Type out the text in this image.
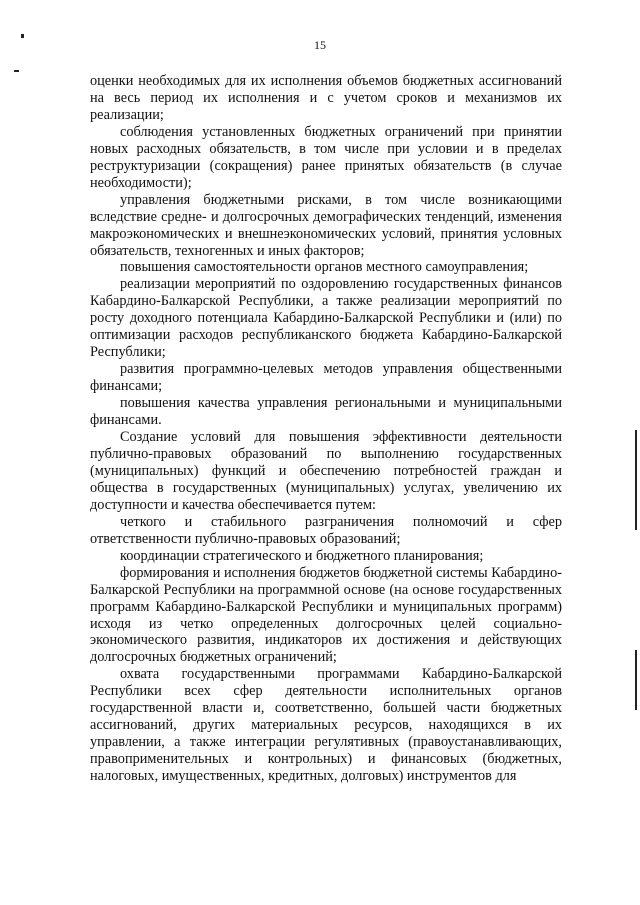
15

оценки необходимых для их исполнения объемов бюджетных ассигнований на весь период их исполнения и с учетом сроков и механизмов их реализации;

соблюдения установленных бюджетных ограничений при принятии новых расходных обязательств, в том числе при условии и в пределах реструктуризации (сокращения) ранее принятых обязательств (в случае необходимости);

управления бюджетными рисками, в том числе возникающими вследствие средне- и долгосрочных демографических тенденций, изменения макроэкономических и внешнеэкономических условий, принятия условных обязательств, техногенных и иных факторов;

повышения самостоятельности органов местного самоуправления;

реализации мероприятий по оздоровлению государственных финансов Кабардино-Балкарской Республики, а также реализации мероприятий по росту доходного потенциала Кабардино-Балкарской Республики и (или) по оптимизации расходов республиканского бюджета Кабардино-Балкарской Республики;

развития программно-целевых методов управления общественными финансами;

повышения качества управления региональными и муниципальными финансами.

Создание условий для повышения эффективности деятельности публично-правовых образований по выполнению государственных (муниципальных) функций и обеспечению потребностей граждан и общества в государственных (муниципальных) услугах, увеличению их доступности и качества обеспечивается путем:

четкого и стабильного разграничения полномочий и сфер ответственности публично-правовых образований;

координации стратегического и бюджетного планирования;

формирования и исполнения бюджетов бюджетной системы Кабардино-Балкарской Республики на программной основе (на основе государственных программ Кабардино-Балкарской Республики и муниципальных программ) исходя из четко определенных долгосрочных целей социально-экономического развития, индикаторов их достижения и действующих долгосрочных бюджетных ограничений;

охвата государственными программами Кабардино-Балкарской Республики всех сфер деятельности исполнительных органов государственной власти и, соответственно, большей части бюджетных ассигнований, других материальных ресурсов, находящихся в их управлении, а также интеграции регулятивных (правоустанавливающих, правоприменительных и контрольных) и финансовых (бюджетных, налоговых, имущественных, кредитных, долговых) инструментов для
